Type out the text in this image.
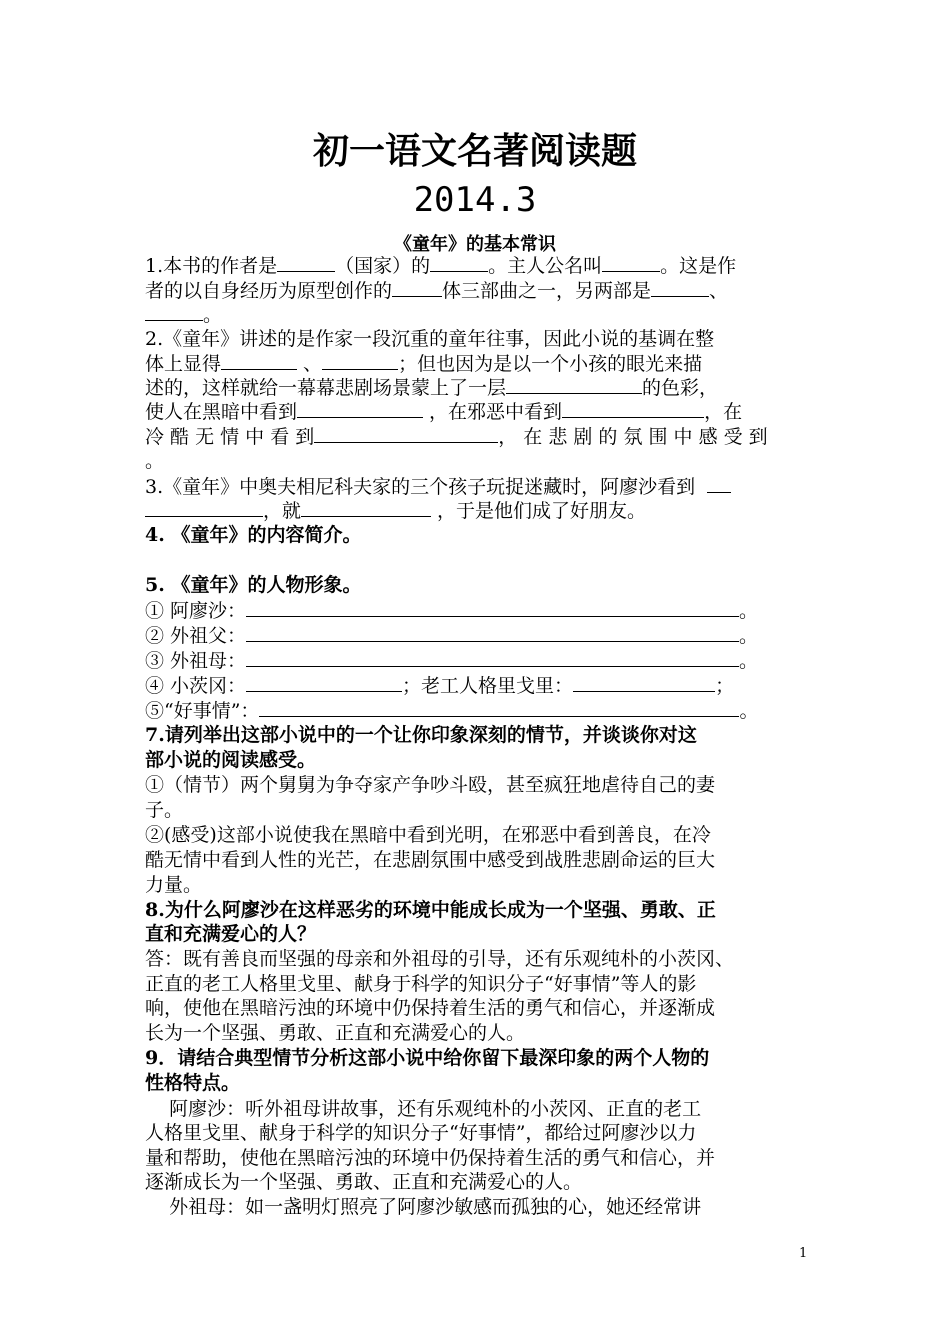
初一语文名著阅读题
2014.3
《童年》的基本常识
1.本书的作者是	（国家）的	。主人公名叫	。这是作
者的以自身经历为原型创作的	体三部曲之一，另两部是	、
。
2.《童年》讲述的是作家一段沉重的童年往事，因此小说的基调在整
体上显得	、	；但也因为是以一个小孩的眼光来描
述的，这样就给一幕幕悲剧场景蒙上了一层	的色彩，
使人在黑暗中看到	，在邪恶中看到	，在
冷 酷 无 情 中 看 到	， 在 悲 剧 的 氛 围 中 感 受 到
。
3.《童年》中奥夫相尼科夫家的三个孩子玩捉迷藏时，阿廖沙看到
，就	，于是他们成了好朋友。
4. 《童年》的内容简介。
5. 《童年》的人物形象。
① 阿廖沙：	。
② 外祖父：	。
③ 外祖母：	。
④ 小茨冈：	；老工人格里戈里：	；
⑤“好事情”：	。
7.请列举出这部小说中的一个让你印象深刻的情节，并谈谈你对这
部小说的阅读感受。
①（情节）两个舅舅为争夺家产争吵斗殴，甚至疯狂地虐待自己的妻
子。
②(感受)这部小说使我在黑暗中看到光明，在邪恶中看到善良，在冷
酷无情中看到人性的光芒，在悲剧氛围中感受到战胜悲剧命运的巨大
力量。
8.为什么阿廖沙在这样恶劣的环境中能成长成为一个坚强、勇敢、正
直和充满爱心的人？
答：既有善良而坚强的母亲和外祖母的引导，还有乐观纯朴的小茨冈、
正直的老工人格里戈里、献身于科学的知识分子“好事情”等人的影
响，使他在黑暗污浊的环境中仍保持着生活的勇气和信心，并逐渐成
长为一个坚强、勇敢、正直和充满爱心的人。
9．请结合典型情节分析这部小说中给你留下最深印象的两个人物的
性格特点。
阿廖沙：听外祖母讲故事，还有乐观纯朴的小茨冈、正直的老工
人格里戈里、献身于科学的知识分子“好事情”，都给过阿廖沙以力
量和帮助，使他在黑暗污浊的环境中仍保持着生活的勇气和信心，并
逐渐成长为一个坚强、勇敢、正直和充满爱心的人。
外祖母：如一盏明灯照亮了阿廖沙敏感而孤独的心，她还经常讲
1
